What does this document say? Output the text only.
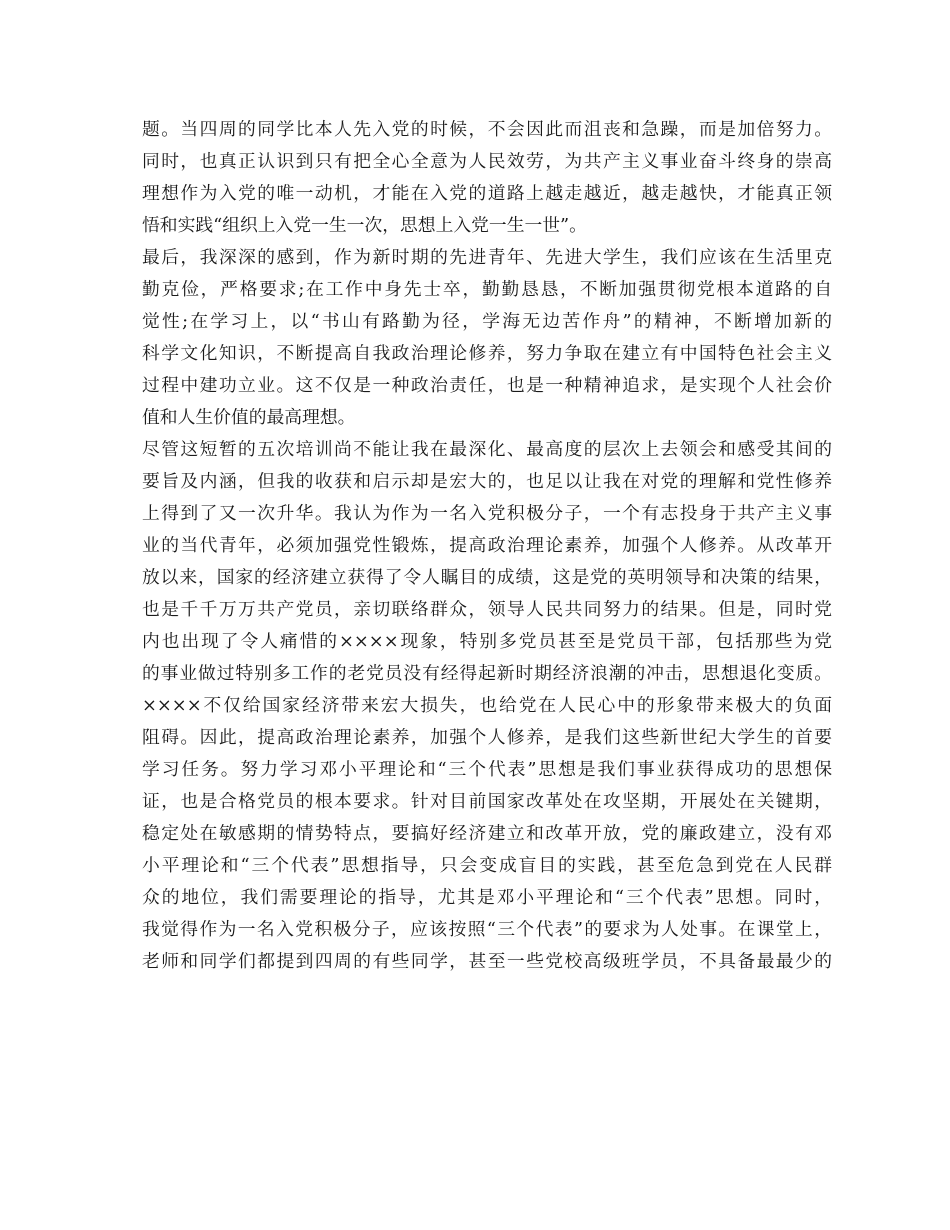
题。当四周的同学比本人先入党的时候，不会因此而沮丧和急躁，而是加倍努力。
同时，也真正认识到只有把全心全意为人民效劳，为共产主义事业奋斗终身的崇高
理想作为入党的唯一动机，才能在入党的道路上越走越近，越走越快，才能真正领
悟和实践“组织上入党一生一次，思想上入党一生一世”。
最后，我深深的感到，作为新时期的先进青年、先进大学生，我们应该在生活里克
勤克俭，严格要求;在工作中身先士卒，勤勤恳恳，不断加强贯彻党根本道路的自
觉性;在学习上，以“书山有路勤为径，学海无边苦作舟”的精神，不断增加新的
科学文化知识，不断提高自我政治理论修养，努力争取在建立有中国特色社会主义
过程中建功立业。这不仅是一种政治责任，也是一种精神追求，是实现个人社会价
值和人生价值的最高理想。
尽管这短暂的五次培训尚不能让我在最深化、最高度的层次上去领会和感受其间的
要旨及内涵，但我的收获和启示却是宏大的，也足以让我在对党的理解和党性修养
上得到了又一次升华。我认为作为一名入党积极分子，一个有志投身于共产主义事
业的当代青年，必须加强党性锻炼，提高政治理论素养，加强个人修养。从改革开
放以来，国家的经济建立获得了令人瞩目的成绩，这是党的英明领导和决策的结果，
也是千千万万共产党员，亲切联络群众，领导人民共同努力的结果。但是，同时党
内也出现了令人痛惜的××××现象，特别多党员甚至是党员干部，包括那些为党
的事业做过特别多工作的老党员没有经得起新时期经济浪潮的冲击，思想退化变质。
××××不仅给国家经济带来宏大损失，也给党在人民心中的形象带来极大的负面
阻碍。因此，提高政治理论素养，加强个人修养，是我们这些新世纪大学生的首要
学习任务。努力学习邓小平理论和“三个代表”思想是我们事业获得成功的思想保
证，也是合格党员的根本要求。针对目前国家改革处在攻坚期，开展处在关键期，
稳定处在敏感期的情势特点，要搞好经济建立和改革开放，党的廉政建立，没有邓
小平理论和“三个代表”思想指导，只会变成盲目的实践，甚至危急到党在人民群
众的地位，我们需要理论的指导，尤其是邓小平理论和“三个代表”思想。同时，
我觉得作为一名入党积极分子，应该按照“三个代表”的要求为人处事。在课堂上，
老师和同学们都提到四周的有些同学，甚至一些党校高级班学员，不具备最最少的
